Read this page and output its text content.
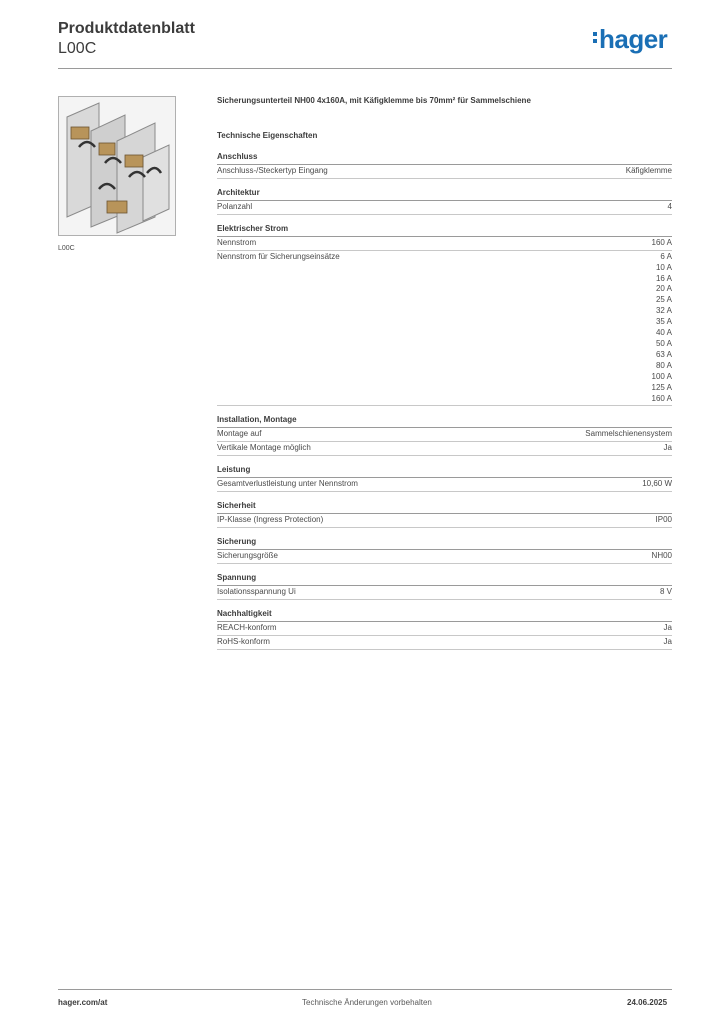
Produktdatenblatt
L00C	hager
L00C
Sicherungsunterteil NH00 4x160A, mit Käfigklemme bis 70mm² für Sammelschiene
Technische Eigenschaften
Anschluss
Anschluss-/Steckertyp Eingang	Käfigklemme
Architektur
Polanzahl	4
Elektrischer Strom
Nennstrom	160 A
Nennstrom für Sicherungseinsätze	6 A
10 A
16 A
20 A
25 A
32 A
35 A
40 A
50 A
63 A
80 A
100 A
125 A
160 A
Installation, Montage
Montage auf	Sammelschienensystem
Vertikale Montage möglich	Ja
Leistung
Gesamtverlustleistung unter Nennstrom	10,60 W
Sicherheit
IP-Klasse (Ingress Protection)	IP00
Sicherung
Sicherungsgröße	NH00
Spannung
Isolationsspannung Ui	8 V
Nachhaltigkeit
REACH-konform	Ja
RoHS-konform	Ja
hager.com/at	Technische Änderungen vorbehalten	24.06.2025
